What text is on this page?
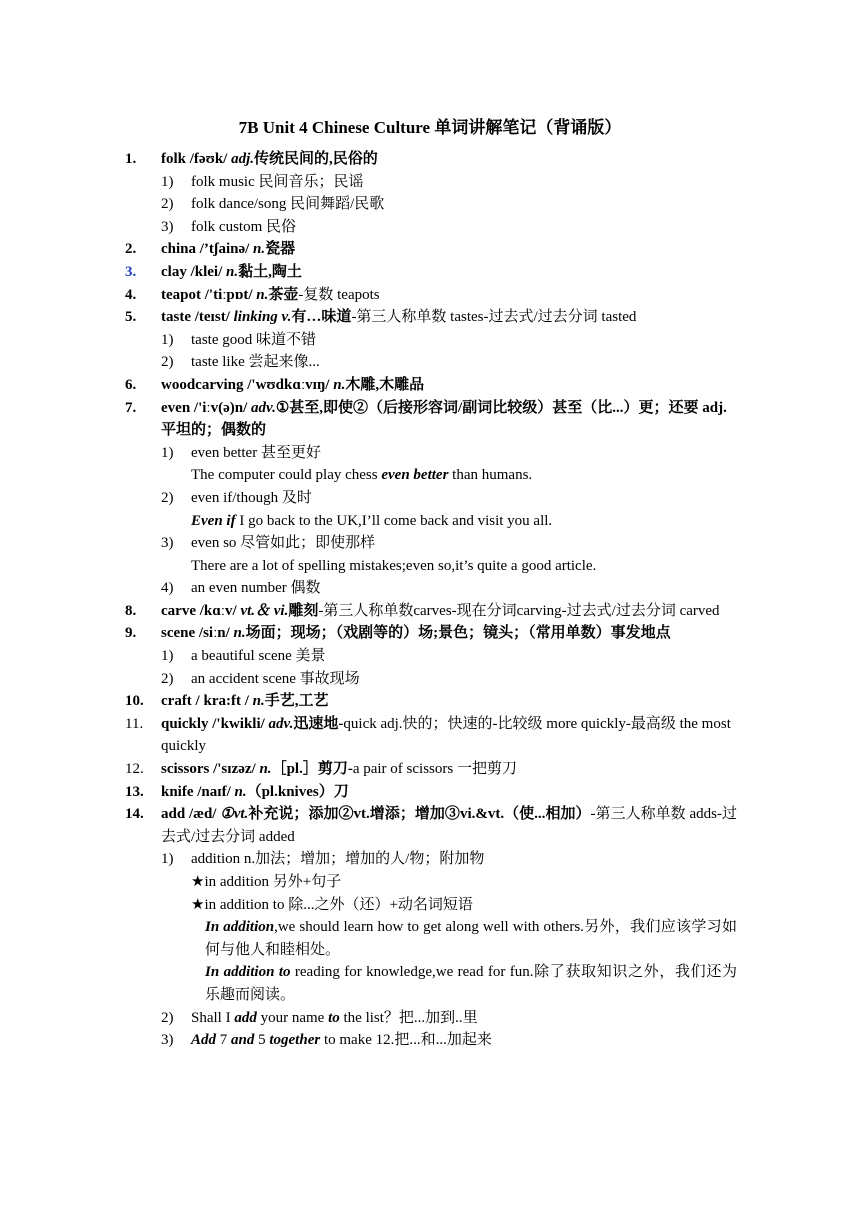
7B Unit 4 Chinese Culture 单词讲解笔记（背诵版）
1.	folk /fəʊk/ adj.传统民间的,民俗的
1) folk music 民间音乐；民谣
2) folk dance/song 民间舞蹈/民歌
3) folk custom 民俗
2.	china /’tʃainə/ n.瓷器
3.	clay /klei/ n.黏土,陶土
4.	teapot /'tiːpɒt/ n.茶壶-复数 teapots
5.	taste /teɪst/ linking v.有…味道-第三人称单数 tastes-过去式/过去分词 tasted
1) taste good 味道不错
2) taste like 尝起来像...
6.	woodcarving /'wʊdkɑːvɪŋ/ n.木雕,木雕品
7.	even /'iːv(ə)n/ adv.①甚至,即使②（后接形容词/副词比较级）甚至（比...）更；还要 adj.平坦的；偶数的
1) even better 甚至更好
The computer could play chess even better than humans.
2) even if/though 及时
Even if I go back to the UK,I’ll come back and visit you all.
3) even so 尽管如此；即使那样
There are a lot of spelling mistakes;even so,it’s quite a good article.
4) an even number 偶数
8.	carve /kɑːv/ vt.＆ vi.雕刻-第三人称单数carves-现在分词carving-过去式/过去分词 carved
9.	scene /siːn/ n.场面；现场；（戏剧等的）场;景色；镜头；（常用单数）事发地点
1) a beautiful scene 美景
2) an accident scene 事故现场
10.	craft / kra:ft / n.手艺,工艺
11.	quickly /'kwikli/ adv.迅速地-quick adj.快的；快速的-比较级 more quickly-最高级 the most quickly
12.	scissors /'sɪzəz/ n.［pl.］剪刀-a pair of scissors 一把剪刀
13.	knife /naɪf/ n.（pl.knives）刀
14.	add /æd/ ①vt.补充说；添加②vt.增添；增加③vi.&vt.（使...相加）-第三人称单数 adds-过去式/过去分词 added
1) addition n.加法；增加；增加的人/物；附加物
★in addition 另外+句子
★in addition to 除...之外（还）+动名词短语
In addition,we should learn how to get along well with others.另外，我们应该学习如何与他人和睦相处。
In addition to reading for knowledge,we read for fun.除了获取知识之外，我们还为乐趣而阅读。
2) Shall I add your name to the list？把...加到..里
3) Add 7 and 5 together to make 12.把...和...加起来
